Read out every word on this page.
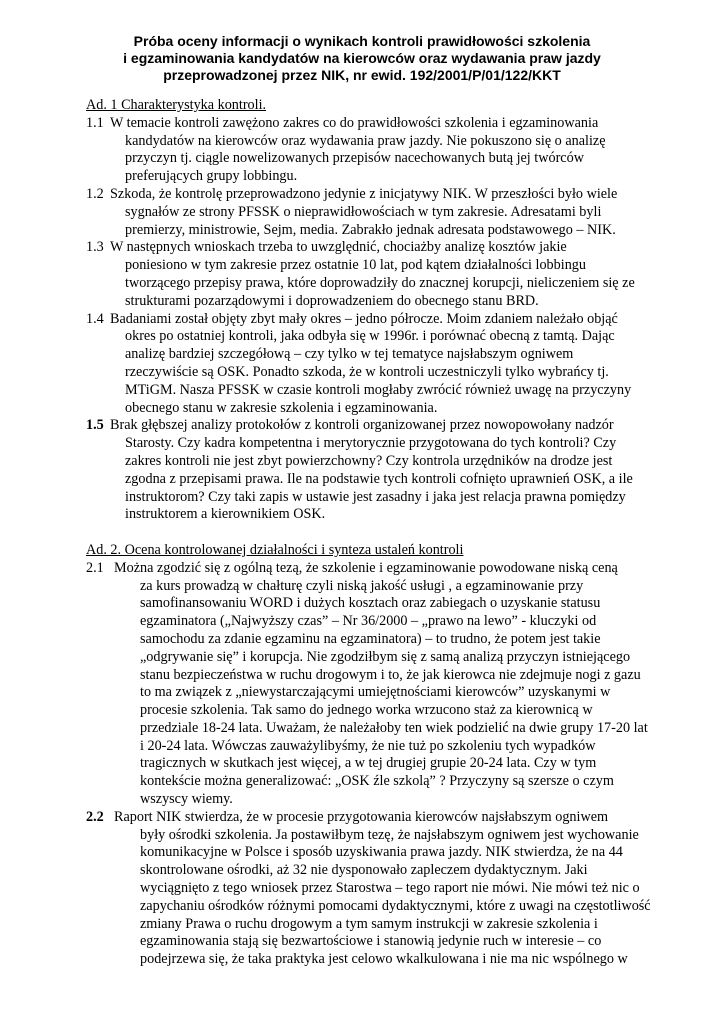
Próba oceny informacji o wynikach kontroli prawidłowości szkolenia
i egzaminowania kandydatów na kierowców oraz wydawania praw jazdy
przeprowadzonej przez NIK, nr ewid. 192/2001/P/01/122/KKT
Ad. 1 Charakterystyka kontroli.
1.1 W temacie kontroli zawężono zakres co do prawidłowości szkolenia i egzaminowania
kandydatów na kierowców oraz wydawania praw jazdy. Nie pokuszono się o analizę
przyczyn tj. ciągle nowelizowanych przepisów nacechowanych butą jej twórców
preferujących grupy lobbingu.
1.2 Szkoda, że kontrolę przeprowadzono jedynie z inicjatywy NIK. W przeszłości było wiele
sygnałów ze strony PFSSK o nieprawidłowościach w tym zakresie. Adresatami byli
premierzy, ministrowie, Sejm, media. Zabrakło jednak adresata podstawowego – NIK.
1.3 W następnych wnioskach trzeba to uwzględnić, chociażby analizę kosztów jakie
poniesiono w tym zakresie przez ostatnie 10 lat, pod kątem działalności lobbingu
tworzącego przepisy prawa, które doprowadziły do znacznej korupcji, nieliczeniem się ze
strukturami pozarządowymi i doprowadzeniem do obecnego stanu BRD.
1.4 Badaniami został objęty zbyt mały okres – jedno półrocze. Moim zdaniem należało objąć
okres po ostatniej kontroli, jaka odbyła się w 1996r. i porównać obecną z tamtą. Dając
analizę bardziej szczegółową – czy tylko w tej tematyce najsłabszym ogniwem
rzeczywiście są OSK. Ponadto szkoda, że w kontroli uczestniczyli tylko wybrańcy tj.
MTiGM. Nasza PFSSK w czasie kontroli mogłaby zwrócić również uwagę na przyczyny
obecnego stanu w zakresie szkolenia i egzaminowania.
1.5 Brak głębszej analizy protokołów z kontroli organizowanej przez nowopowołany nadzór
Starosty. Czy kadra kompetentna i merytorycznie przygotowana do tych kontroli? Czy
zakres kontroli nie jest zbyt powierzchowny? Czy kontrola urzędników na drodze jest
zgodna z przepisami prawa. Ile na podstawie tych kontroli cofnięto uprawnień OSK, a ile
instruktorom? Czy taki zapis w ustawie jest zasadny i jaka jest relacja prawna pomiędzy
instruktorem a kierownikiem OSK.
Ad. 2. Ocena kontrolowanej działalności i synteza ustaleń kontroli
2.1 Można zgodzić się z ogólną tezą, że szkolenie i egzaminowanie powodowane niską ceną
za kurs prowadzą w chałturę czyli niską jakość usługi , a egzaminowanie przy
samofinansowaniu WORD i dużych kosztach oraz zabiegach o uzyskanie statusu
egzaminatora („Najwyższy czas” – Nr 36/2000 – „prawo na lewo” - kluczyki od
samochodu za zdanie egzaminu na egzaminatora) – to trudno, że potem jest takie
„odgrywanie się” i korupcja. Nie zgodziłbym się z samą analizą przyczyn istniejącego
stanu bezpieczeństwa w ruchu drogowym i to, że jak kierowca nie zdejmuje nogi z gazu
to ma związek z „niewystarczającymi umiejętnościami kierowców” uzyskanymi w
procesie szkolenia. Tak samo do jednego worka wrzucono staż za kierownicą w
przedziale 18-24 lata. Uważam, że należałoby ten wiek podzielić na dwie grupy 17-20 lat
i 20-24 lata. Wówczas zauważylibyśmy, że nie tuż po szkoleniu tych wypadków
tragicznych w skutkach jest więcej, a w tej drugiej grupie 20-24 lata. Czy w tym
kontekście można generalizować: „OSK źle szkolą” ? Przyczyny są szersze o czym
wszyscy wiemy.
2.2 Raport NIK stwierdza, że w procesie przygotowania kierowców najsłabszym ogniwem
były ośrodki szkolenia. Ja postawiłbym tezę, że najsłabszym ogniwem jest wychowanie
komunikacyjne w Polsce i sposób uzyskiwania prawa jazdy. NIK stwierdza, że na 44
skontrolowane ośrodki, aż 32 nie dysponowało zapleczem dydaktycznym. Jaki
wyciągnięto z tego wniosek przez Starostwa – tego raport nie mówi. Nie mówi też nic o
zapychaniu ośrodków różnymi pomocami dydaktycznymi, które z uwagi na częstotliwość
zmiany Prawa o ruchu drogowym a tym samym instrukcji w zakresie szkolenia i
egzaminowania stają się bezwartościowe i stanowią jedynie ruch w interesie – co
podejrzewa się, że taka praktyka jest celowo wkalkulowana i nie ma nic wspólnego w
